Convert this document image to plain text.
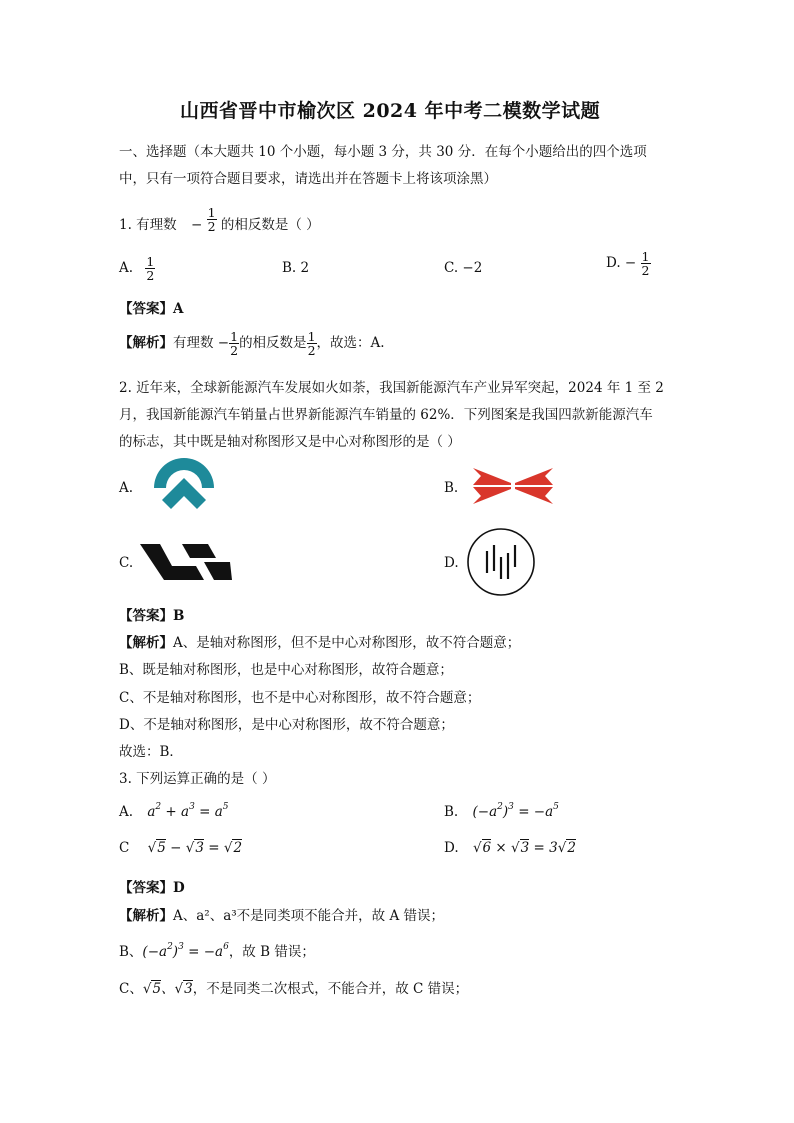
山西省晋中市榆次区 2024 年中考二模数学试题
一、选择题（本大题共 10 个小题，每小题 3 分，共 30 分．在每个小题给出的四个选项
中，只有一项符合题目要求，请选出并在答题卡上将该项涂黑）
1. 有理数 − $\frac{1}{2}$ 的相反数是（ ）
A. $\frac{1}{2}$	B. 2	C. −2	D. − $\frac{1}{2}$
【答案】A
【解析】有理数 − $\frac{1}{2}$ 的相反数是 $\frac{1}{2}$ ，故选：A.
2. 近年来，全球新能源汽车发展如火如荼，我国新能源汽车产业异军突起，2024 年 1 至 2
月，我国新能源汽车销量占世界新能源汽车销量的 62%．下列图案是我国四款新能源汽车
的标志，其中既是轴对称图形又是中心对称图形的是（ ）
A.	B.
C.	D.
【答案】B
【解析】A、是轴对称图形，但不是中心对称图形，故不符合题意；
B、既是轴对称图形，也是中心对称图形，故符合题意；
C、不是轴对称图形，也不是中心对称图形，故不符合题意；
D、不是轴对称图形，是中心对称图形，故不符合题意；
故选：B．
3. 下列运算正确的是（ ）
A. $a^2 + a^3 = a^5$	B. $(-a^2)^3 = -a^5$
C √5 − √3 = √2	D. √6 × √3 = 3√2
【答案】D
【解析】A、a²、a³不是同类项不能合并，故 A 错误；
B、$(-a^2)^3 = -a^6$，故 B 错误；
C、√5、√3，不是同类二次根式，不能合并，故 C 错误；
